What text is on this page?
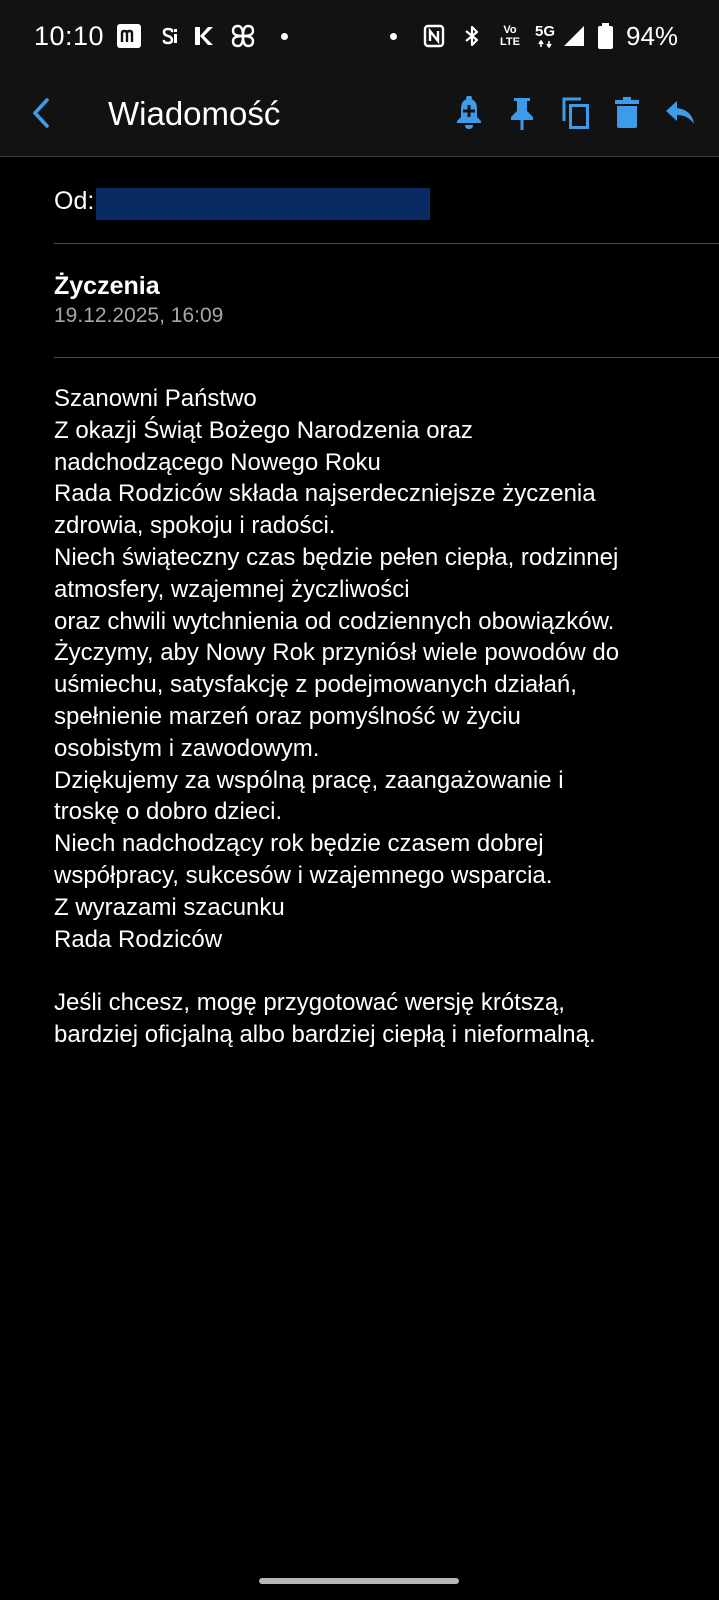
10:10	Vo LTE
5G	94%
Wiadomość
Od:
Życzenia
19.12.2025, 16:09
Szanowni Państwo
Z okazji Świąt Bożego Narodzenia oraz
nadchodzącego Nowego Roku
Rada Rodziców składa najserdeczniejsze życzenia
zdrowia, spokoju i radości.
Niech świąteczny czas będzie pełen ciepła, rodzinnej
atmosfery, wzajemnej życzliwości
oraz chwili wytchnienia od codziennych obowiązków.
Życzymy, aby Nowy Rok przyniósł wiele powodów do
uśmiechu, satysfakcję z podejmowanych działań,
spełnienie marzeń oraz pomyślność w życiu
osobistym i zawodowym.
Dziękujemy za wspólną pracę, zaangażowanie i
troskę o dobro dzieci.
Niech nadchodzący rok będzie czasem dobrej
współpracy, sukcesów i wzajemnego wsparcia.
Z wyrazami szacunku
Rada Rodziców
Jeśli chcesz, mogę przygotować wersję krótszą,
bardziej oficjalną albo bardziej ciepłą i nieformalną.
